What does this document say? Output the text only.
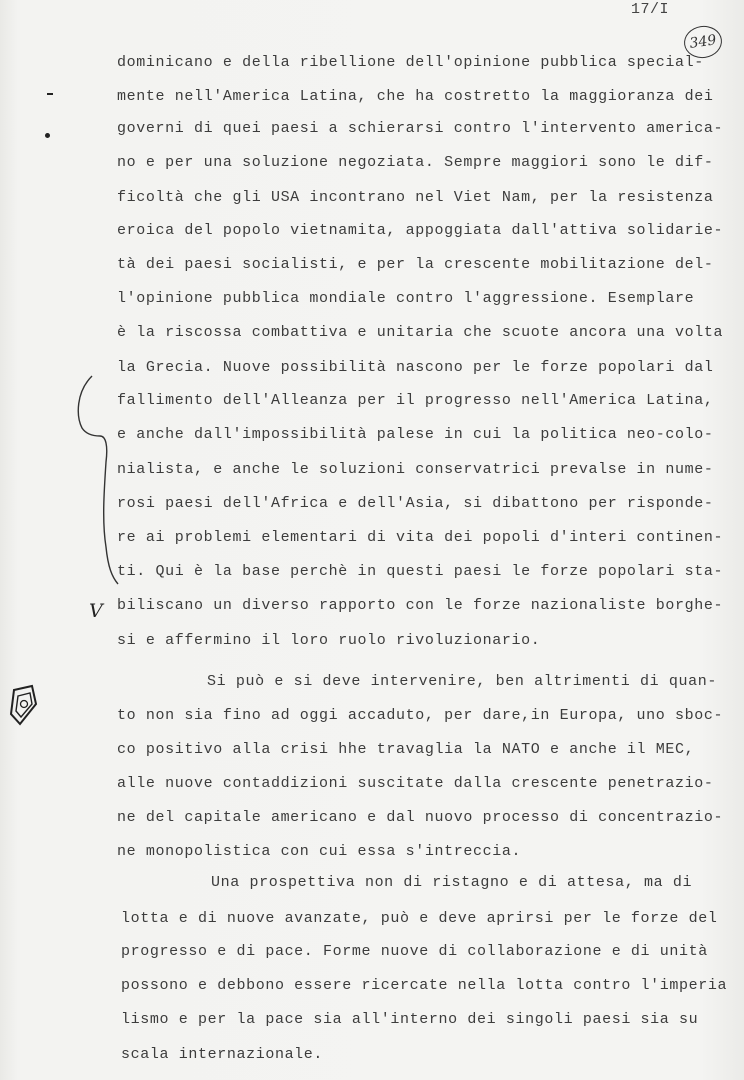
17/I
349
V
dominicano e della ribellione dell'opinione pubblica special-
mente nell'America Latina, che ha costretto la maggioranza dei
governi di quei paesi a schierarsi contro l'intervento america-
no e per una soluzione negoziata. Sempre maggiori sono le dif-
ficoltà che gli USA incontrano nel Viet Nam, per la resistenza
eroica del popolo vietnamita, appoggiata dall'attiva solidarie-
tà dei paesi socialisti, e per la crescente mobilitazione del-
l'opinione pubblica mondiale contro l'aggressione. Esemplare
è la riscossa combattiva e unitaria che scuote ancora una volta
la Grecia. Nuove possibilità nascono per le forze popolari dal
fallimento dell'Alleanza per il progresso nell'America Latina,
e anche dall'impossibilità palese in cui la politica neo-colo-
nialista, e anche le soluzioni conservatrici prevalse in nume-
rosi paesi dell'Africa e dell'Asia, si dibattono per risponde-
re ai problemi elementari di vita dei popoli d'interi continen-
ti. Qui è la base perchè in questi paesi le forze popolari sta-
biliscano un diverso rapporto con le forze nazionaliste borghe-
si e affermino il loro ruolo rivoluzionario.
Si può e si deve intervenire, ben altrimenti di quan-
to non sia fino ad oggi accaduto, per dare,in Europa, uno sboc-
co positivo alla crisi hhe travaglia la NATO e anche il MEC,
alle nuove contaddizioni suscitate dalla crescente penetrazio-
ne del capitale americano e dal nuovo processo di concentrazio-
ne monopolistica con cui essa s'intreccia.
Una prospettiva non di ristagno e di attesa, ma di
lotta e di nuove avanzate, può e deve aprirsi per le forze del
progresso e di pace. Forme nuove di collaborazione e di unità
possono e debbono essere ricercate nella lotta contro l'imperia
lismo e per la pace sia all'interno dei singoli paesi sia su
scala internazionale.
